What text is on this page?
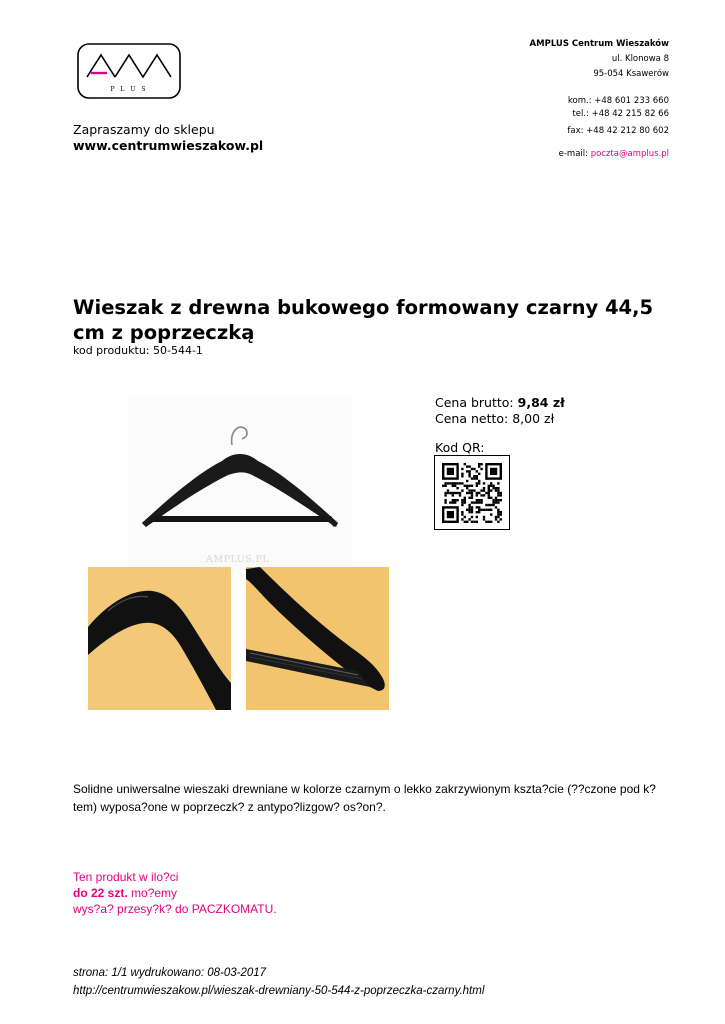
P L U S
AMPLUS Centrum Wieszaków
ul. Klonowa 8
95-054 Ksawerów
kom.: +48 601 233 660
tel.: +48 42 215 82 66
fax: +48 42 212 80 602
e-mail: poczta@amplus.pl
Zapraszamy do sklepu
www.centrumwieszakow.pl
Wieszak z drewna bukowego formowany czarny 44,5 cm z poprzeczką
kod produktu: 50-544-1
AMPLUS.PL
Cena brutto: 9,84 zł
Cena netto: 8,00 zł
Kod QR:
Solidne uniwersalne wieszaki drewniane w kolorze czarnym o lekko zakrzywionym kszta?cie (??czone pod k?tem) wyposa?one w poprzeczk? z antypo?lizgow? os?on?.
Ten produkt w ilo?ci
do 22 szt. mo?emy
wys?a? przesy?k? do PACZKOMATU.
strona: 1/1 wydrukowano: 08-03-2017
http://centrumwieszakow.pl/wieszak-drewniany-50-544-z-poprzeczka-czarny.html
